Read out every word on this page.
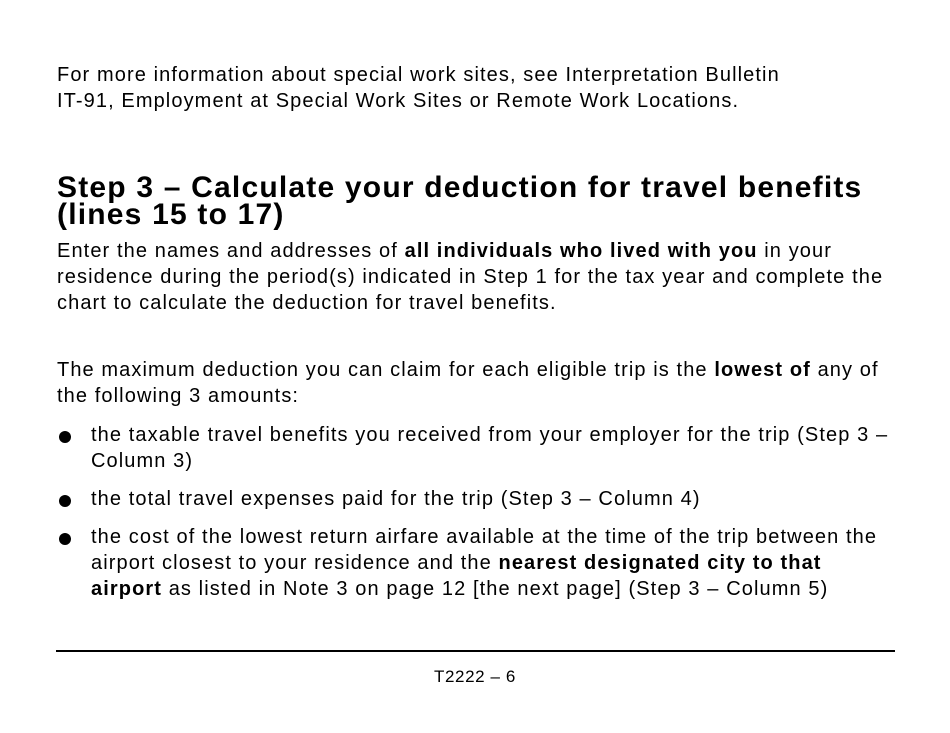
For more information about special work sites, see Interpretation Bulletin
IT-91, Employment at Special Work Sites or Remote Work Locations.

Step 3 – Calculate your deduction for travel benefits
(lines 15 to 17)

Enter the names and addresses of all individuals who lived with you in your residence during the period(s) indicated in Step 1 for the tax year and complete the chart to calculate the deduction for travel benefits.

The maximum deduction you can claim for each eligible trip is the lowest of any of the following 3 amounts:

the taxable travel benefits you received from your employer for the trip (Step 3 – Column 3)
the total travel expenses paid for the trip (Step 3 – Column 4)
the cost of the lowest return airfare available at the time of the trip between the airport closest to your residence and the nearest designated city to that airport as listed in Note 3 on page 12 [the next page] (Step 3 – Column 5)
T2222 – 6
